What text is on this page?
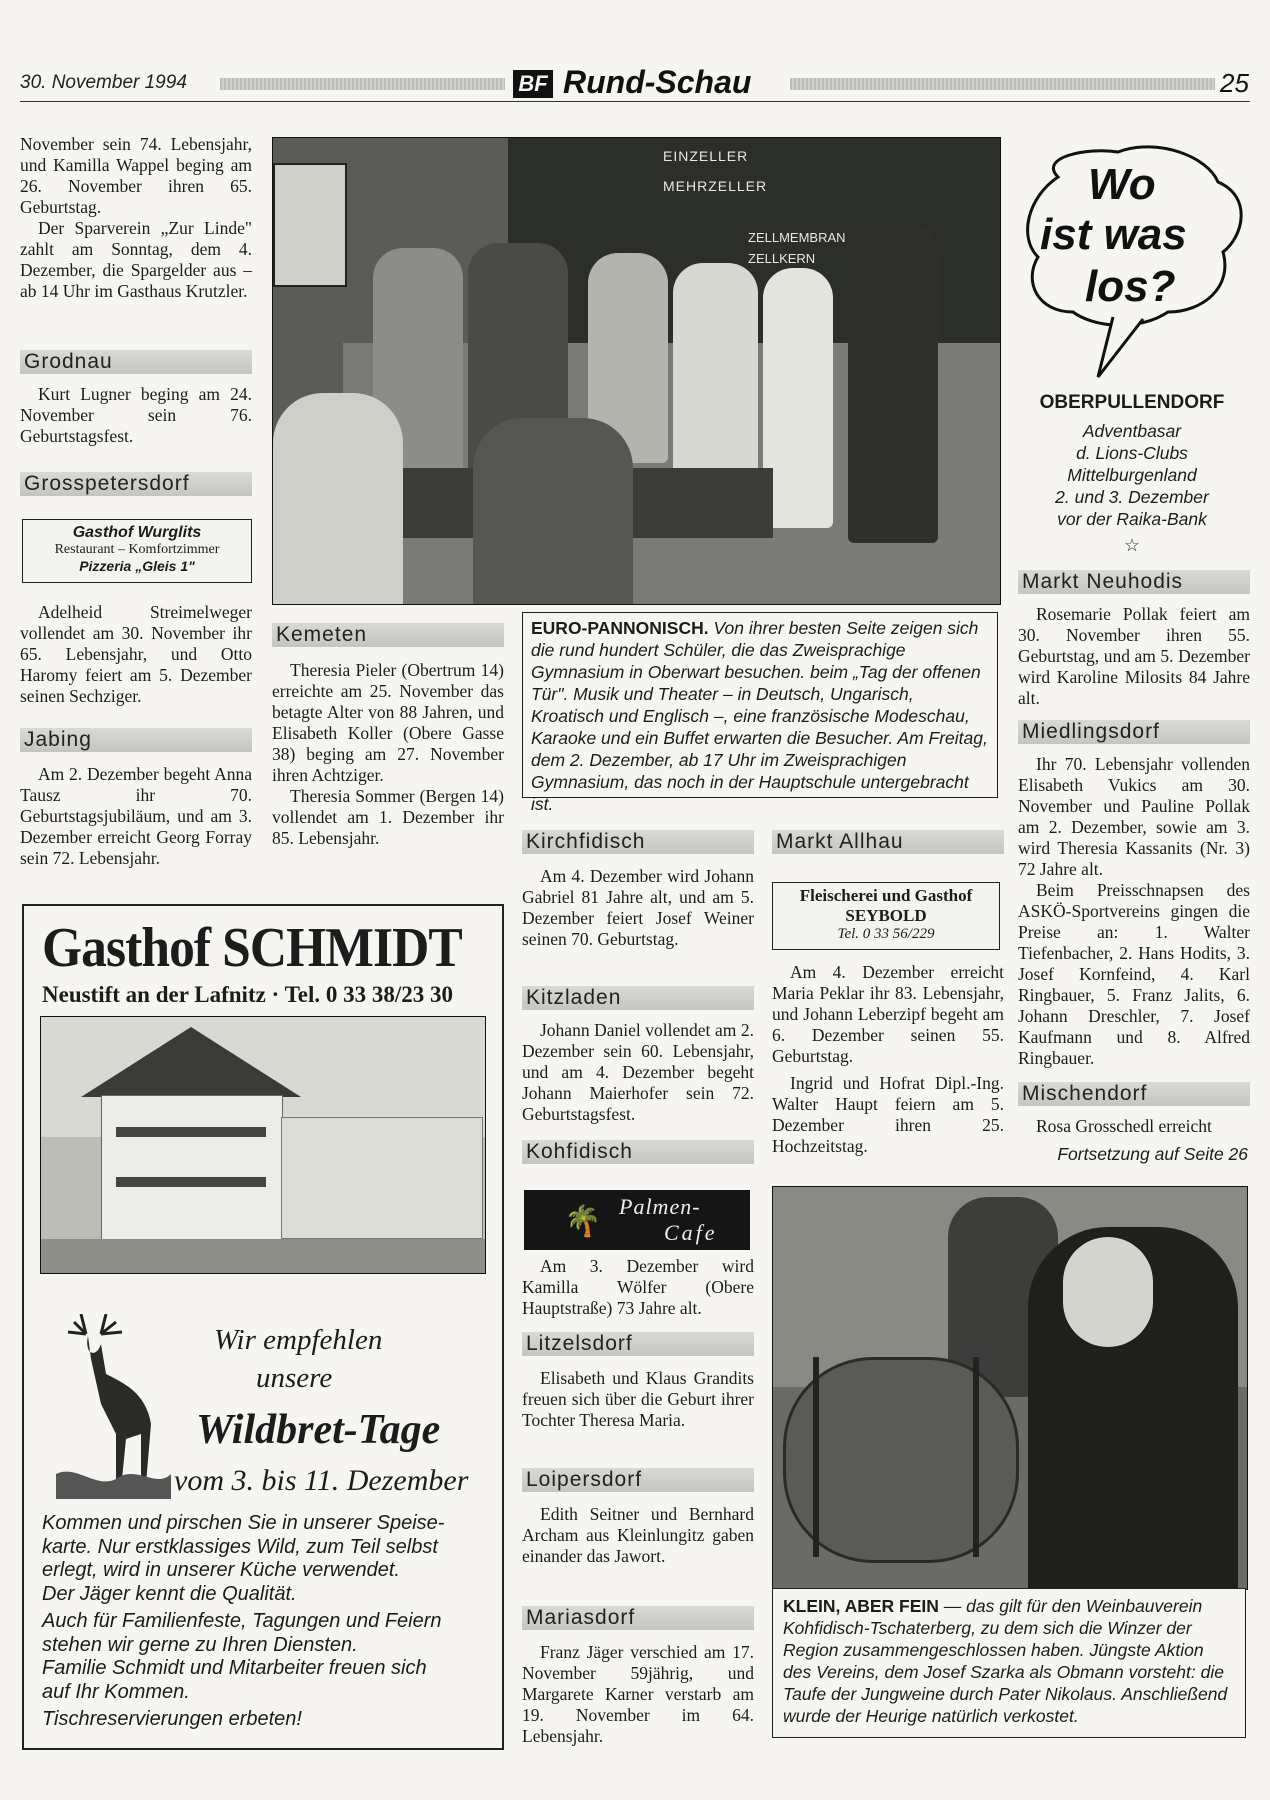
30. November 1994	BF Rund-Schau	25

November sein 74. Lebensjahr, und Kamilla Wappel beging am 26. November ihren 65. Geburtstag.

Der Sparverein „Zur Linde" zahlt am Sonntag, dem 4. Dezember, die Spargelder aus – ab 14 Uhr im Gasthaus Krutzler.

Grodnau

Kurt Lugner beging am 24. November sein 76. Geburtstagsfest.

Grosspetersdorf
Gasthof Wurglits
Restaurant – Komfortzimmer
Pizzeria „Gleis 1"

Adelheid Streimelweger vollendet am 30. November ihr 65. Lebensjahr, und Otto Haromy feiert am 5. Dezember seinen Sechziger.

Jabing

Am 2. Dezember begeht Anna Tausz ihr 70. Geburtstagsjubiläum, und am 3. Dezember erreicht Georg Forray sein 72. Lebensjahr.

EINZELLER
MEHRZELLER
ZELLMEMBRAN
ZELLKERN
Kemeten

Theresia Pieler (Obertrum 14) erreichte am 25. November das betagte Alter von 88 Jahren, und Elisabeth Koller (Obere Gasse 38) beging am 27. November ihren Achtziger.

Theresia Sommer (Bergen 14) vollendet am 1. Dezember ihr 85. Lebensjahr.

EURO-PANNONISCH. Von ihrer besten Seite zeigen sich die rund hundert Schüler, die das Zweisprachige Gymnasium in Oberwart besuchen. beim „Tag der offenen Tür". Musik und Theater – in Deutsch, Ungarisch, Kroatisch und Englisch –, eine französische Modeschau, Karaoke und ein Buffet erwarten die Besucher. Am Freitag, dem 2. Dezember, ab 17 Uhr im Zweisprachigen Gymnasium, das noch in der Hauptschule untergebracht ist.
Wo
ist was
los?
OBERPULLENDORF
Adventbasar
d. Lions-Clubs
Mittelburgenland
2. und 3. Dezember
vor der Raika-Bank
☆
Markt Neuhodis

Rosemarie Pollak feiert am 30. November ihren 55. Geburtstag, und am 5. Dezember wird Karoline Milosits 84 Jahre alt.

Miedlingsdorf

Ihr 70. Lebensjahr vollenden Elisabeth Vukics am 30. November und Pauline Pollak am 2. Dezember, sowie am 3. wird Theresia Kassanits (Nr. 3) 72 Jahre alt.

Beim Preisschnapsen des ASKÖ-Sportvereins gingen die Preise an: 1. Walter Tiefenbacher, 2. Hans Hodits, 3. Josef Kornfeind, 4. Karl Ringbauer, 5. Franz Jalits, 6. Johann Dreschler, 7. Josef Kaufmann und 8. Alfred Ringbauer.

Mischendorf

Rosa Grosschedl erreicht

Fortsetzung auf Seite 26
Kirchfidisch

Am 4. Dezember wird Johann Gabriel 81 Jahre alt, und am 5. Dezember feiert Josef Weiner seinen 70. Geburtstag.

Kitzladen

Johann Daniel vollendet am 2. Dezember sein 60. Lebensjahr, und am 4. Dezember begeht Johann Maierhofer sein 72. Geburtstagsfest.

Kohfidisch
Palmen-
Cafe
🌴

Am 3. Dezember wird Kamilla Wölfer (Obere Hauptstraße) 73 Jahre alt.

Litzelsdorf

Elisabeth und Klaus Grandits freuen sich über die Geburt ihrer Tochter Theresa Maria.

Loipersdorf

Edith Seitner und Bernhard Archam aus Kleinlungitz gaben einander das Jawort.

Mariasdorf

Franz Jäger verschied am 17. November 59jährig, und Margarete Karner verstarb am 19. November im 64. Lebensjahr.

Markt Allhau
Fleischerei und Gasthof
SEYBOLD
Tel. 0 33 56/229

Am 4. Dezember erreicht Maria Peklar ihr 83. Lebensjahr, und Johann Leberzipf begeht am 6. Dezember seinen 55. Geburtstag.

Ingrid und Hofrat Dipl.-Ing. Walter Haupt feiern am 5. Dezember ihren 25. Hochzeitstag.

Gasthof SCHMIDT
Neustift an der Lafnitz · Tel. 0 33 38/23 30
Wir empfehlen
unsere
Wildbret-Tage
vom 3. bis 11. Dezember
Kommen und pirschen Sie in unserer Speise-
karte. Nur erstklassiges Wild, zum Teil selbst
erlegt, wird in unserer Küche verwendet.
Der Jäger kennt die Qualität.
Auch für Familienfeste, Tagungen und Feiern
stehen wir gerne zu Ihren Diensten.
Familie Schmidt und Mitarbeiter freuen sich
auf Ihr Kommen.
Tischreservierungen erbeten!
KLEIN, ABER FEIN — das gilt für den Weinbauverein Kohfidisch-Tschaterberg, zu dem sich die Winzer der Region zusammengeschlossen haben. Jüngste Aktion des Vereins, dem Josef Szarka als Obmann vorsteht: die Taufe der Jungweine durch Pater Nikolaus. Anschließend wurde der Heurige natürlich verkostet.
